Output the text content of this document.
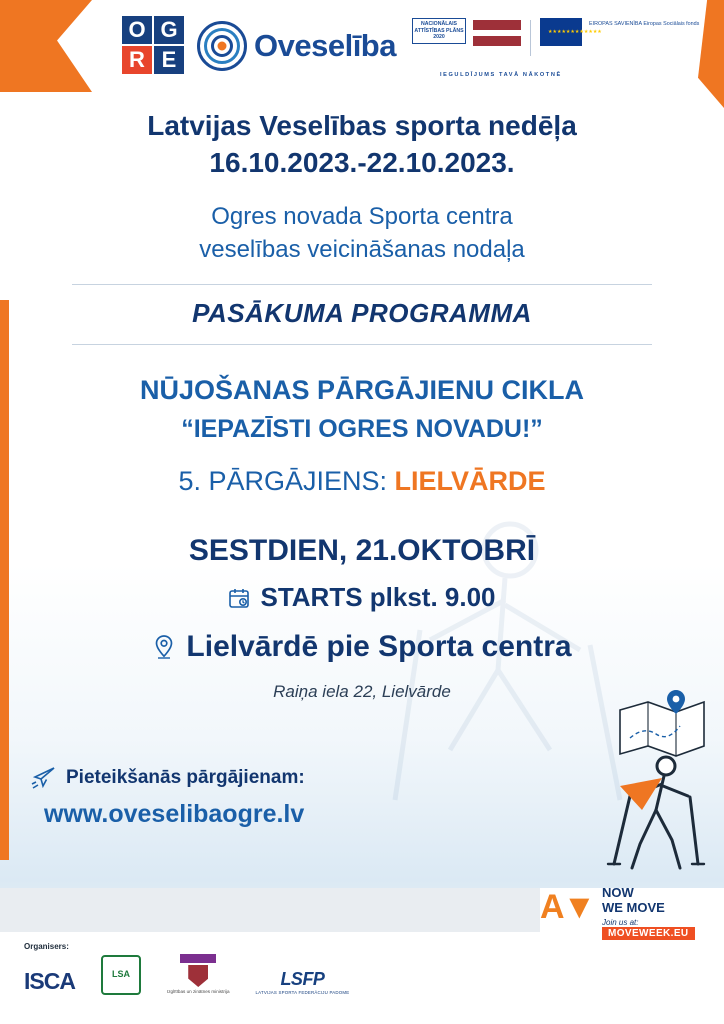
O G
R E	Oveselība
NACIONĀLAIS ATTĪSTĪBAS PLĀNS 2020
★★★★★★★★★★★★
EIROPAS SAVIENĪBA Eiropas Sociālais fonds
IEGULDĪJUMS TAVĀ NĀKOTNĒ
Latvijas Veselības sporta nedēļa
16.10.2023.-22.10.2023.
Ogres novada Sporta centra
veselības veicināšanas nodaļa
PASĀKUMA PROGRAMMA
NŪJOŠANAS PĀRGĀJIENU CIKLA
“IEPAZĪSTI OGRES NOVADU!”
5. PĀRGĀJIENS: LIELVĀRDE
SESTDIEN, 21.OKTOBRĪ
STARTS plkst. 9.00
Lielvārdē pie Sporta centra
Raiņa iela 22, Lielvārde
Pieteikšanās pārgājienam:
www.oveselibaogre.lv
A▼ NOW
WE MOVE
Join us at:
MOVEWEEK.EU
Organisers:
ISCA	LSA
Izglītības un zinātnes ministrija
LSFP
LATVIJAS SPORTA FEDERĀCIJU PADOME
